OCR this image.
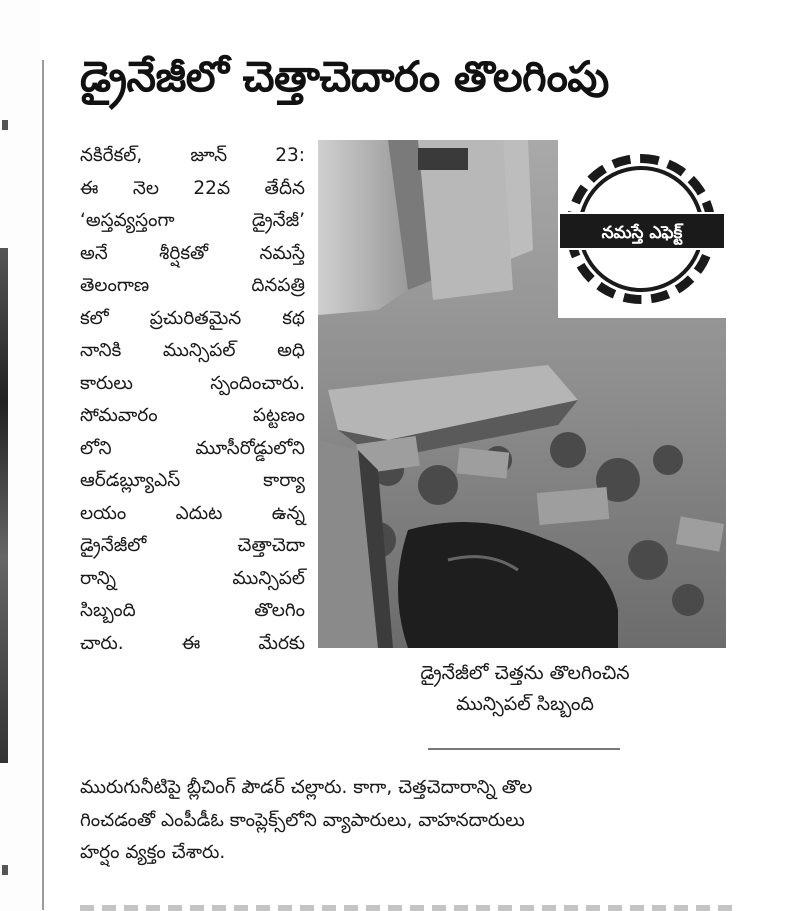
డ్రైనేజీలో చెత్తాచెదారం తొలగింపు

నకిరేకల్, జూన్ 23:

ఈ నెల 22వ తేదీన

‘అస్తవ్యస్తంగా డ్రైనేజీ’

అనే శీర్షికతో నమస్తే

తెలంగాణ దినపత్రి

కలో ప్రచురితమైన కథ

నానికి మున్సిపల్ అధి

కారులు స్పందించారు.

సోమవారం పట్టణం

లోని మూసీరోడ్డులోని

ఆర్‌డబ్ల్యూఎస్ కార్యా

లయం ఎదుట ఉన్న

డ్రైనేజీలో చెత్తాచెదా

రాన్ని మున్సిపల్

సిబ్బంది తొలగిం

చారు. ఈ మేరకు

నమస్తే ఎఫెక్ట్

డ్రైనేజీలో చెత్తను తొలగించిన

మున్సిపల్ సిబ్బంది

మురుగునీటిపై బ్లీచింగ్ పౌడర్ చల్లారు. కాగా, చెత్తచెదారాన్ని తొల

గించడంతో ఎంపీడీఓ కాంప్లెక్స్‌లోని వ్యాపారులు, వాహనదారులు

హర్షం వ్యక్తం చేశారు.
